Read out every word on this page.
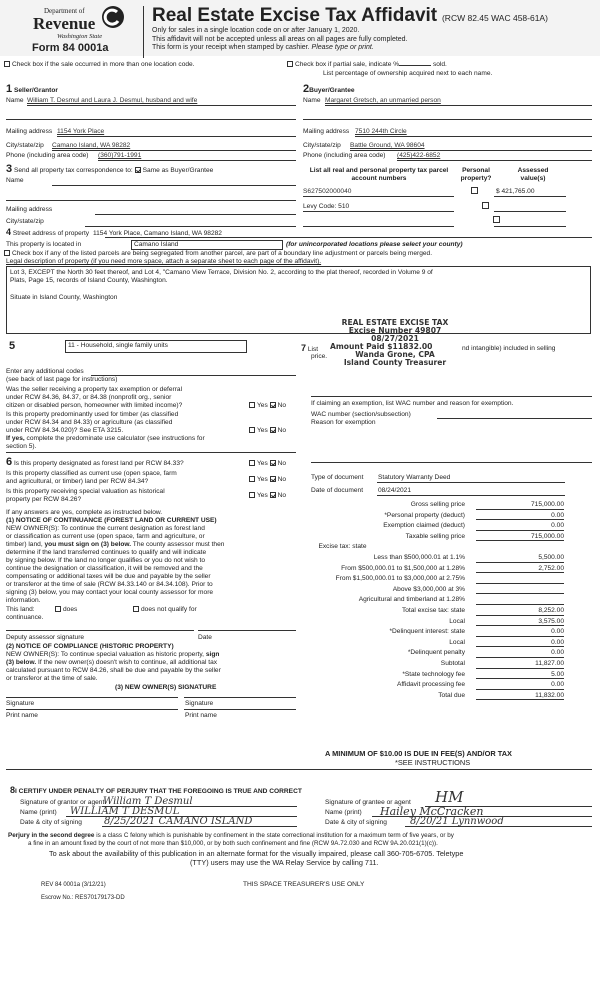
Department of
Revenue
Washington State
Form 84 0001a
Real Estate Excise Tax Affidavit (RCW 82.45 WAC 458-61A)
Only for sales in a single location code on or after January 1, 2020.
This affidavit will not be accepted unless all areas on all pages are fully completed.
This form is your receipt when stamped by cashier. Please type or print.
Check box if the sale occurred in more than one location code.	Check box if partial sale, indicate %	sold.
List percentage of ownership acquired next to each name.
1 Seller/Grantor
Name William T. Desmul and Laura J. Desmul, husband and wife
Mailing address 1154 York Place
City/state/zip Camano Island, WA 98282
Phone (including area code) (360)791-1991
2Buyer/Grantee
Name Margaret Gretsch, an unmarried person
Mailing address 7510 244th Circle
City/state/zip Battle Ground, WA 98604
Phone (including area code) (425)422-6852
3 Send all property tax correspondence to: Same as Buyer/Grantee
Name
Mailing address
City/state/zip
List all real and personal property tax parcel account numbers
Personal property?
Assessed value(s)
S627502000040
	$ 421,765.00
Levy Code: 510

4 Street address of property 1154 York Place, Camano Island, WA 98282
This property is located in	Camano Island	(for unincorporated locations please select your county)
Check box if any of the listed parcels are being segregated from another parcel, are part of a boundary line adjustment or parcels being merged.
Legal description of property (if you need more space, attach a separate sheet to each page of the affidavit).
Lot 3, EXCEPT the North 30 feet thereof, and Lot 4, "Camano View Terrace, Division No. 2, according to the plat thereof, recorded in Volume 9 of
Plats, Page 15, records of Island County, Washington.
Situate in Island County, Washington
REAL ESTATE EXCISE TAX
Excise Number 49807
08/27/2021
Amount Paid $11832.00
Wanda Grone, CPA
Island County Treasurer
5	11 - Household, single family units
Enter any additional codes
(see back of last page for instructions)
Was the seller receiving a property tax exemption or deferral
under RCW 84.36, 84.37, or 84.38 (nonprofit org., senior
citizen or disabled person, homeowner with limited income)?	Yes No
Is this property predominantly used for timber (as classified
under RCW 84.34 and 84.33) or agriculture (as classified
under RCW 84.34.020)? See ETA 3215.	Yes No
If yes, complete the predominate use calculator (see instructions for
section 5).
6 Is this property designated as forest land per RCW 84.33?	Yes No
Is this property classified as current use (open space, farm
and agricultural, or timber) land per RCW 84.34?	Yes No
Is this property receiving special valuation as historical
property per RCW 84.26?
Yes No
If any answers are yes, complete as instructed below.
(1) NOTICE OF CONTINUANCE (FOREST LAND OR CURRENT USE)
NEW OWNER(S): To continue the current designation as forest land
or classification as current use (open space, farm and agriculture, or
timber) land, you must sign on (3) below. The county assessor must then
determine if the land transferred continues to qualify and will indicate
by signing below. If the land no longer qualifies or you do not wish to
continue the designation or classification, it will be removed and the
compensating or additional taxes will be due and payable by the seller
or transferor at the time of sale (RCW 84.33.140 or 84.34.108). Prior to
signing (3) below, you may contact your local county assessor for more
information.
This land:	does	does not qualify for
continuance.
Deputy assessor signature	Date
(2) NOTICE OF COMPLIANCE (HISTORIC PROPERTY)
NEW OWNER(S): To continue special valuation as historic property, sign
(3) below. If the new owner(s) doesn't wish to continue, all additional tax
calculated pursuant to RCW 84.26, shall be due and payable by the seller
or transferor at the time of sale.
(3) NEW OWNER(S) SIGNATURE
Signature	Signature
Print name	Print name
7 List	nd intangible) included in selling
price.
If claiming an exemption, list WAC number and reason for exemption.
WAC number (section/subsection)
Reason for exemption
Type of document Statutory Warranty Deed
Date of document 08/24/2021
Gross selling price	715,000.00
*Personal property (deduct)	0.00
Exemption claimed (deduct)	0.00
Taxable selling price	715,000.00
Excise tax: state
Less than $500,000.01 at 1.1%	5,500.00
From $500,000.01 to $1,500,000 at 1.28%	2,752.00
From $1,500,000.01 to $3,000,000 at 2.75%
Above $3,000,000 at 3%
Agricultural and timberland at 1.28%
Total excise tax: state	8,252.00
Local	3,575.00
*Delinquent interest: state	0.00
Local	0.00
*Delinquent penalty	0.00
Subtotal	11,827.00
*State technology fee	5.00
Affidavit processing fee	0.00
Total due	11,832.00
A MINIMUM OF $10.00 IS DUE IN FEE(S) AND/OR TAX
*SEE INSTRUCTIONS
8I CERTIFY UNDER PENALTY OF PERJURY THAT THE FOREGOING IS TRUE AND CORRECT
Signature of grantor or agent
William T Desmul
Name (print) WILLIAM T DESMUL
Date & city of signing 8/25/2021 CAMANO ISLAND
Signature of grantee or agent HM
Name (print) Hailey McCracken
Date & city of signing 8/20/21 Lynnwood
Perjury in the second degree is a class C felony which is punishable by confinement in the state correctional institution for a maximum term of five years, or by
a fine in an amount fixed by the court of not more than $10,000, or by both such confinement and fine (RCW 9A.72.030 and RCW 9A.20.021(1)(c)).
To ask about the availability of this publication in an alternate format for the visually impaired, please call 360-705-6705. Teletype
(TTY) users may use the WA Relay Service by calling 711.
REV 84 0001a (3/12/21)	THIS SPACE TREASURER'S USE ONLY
Escrow No.: RES70179173-DD
